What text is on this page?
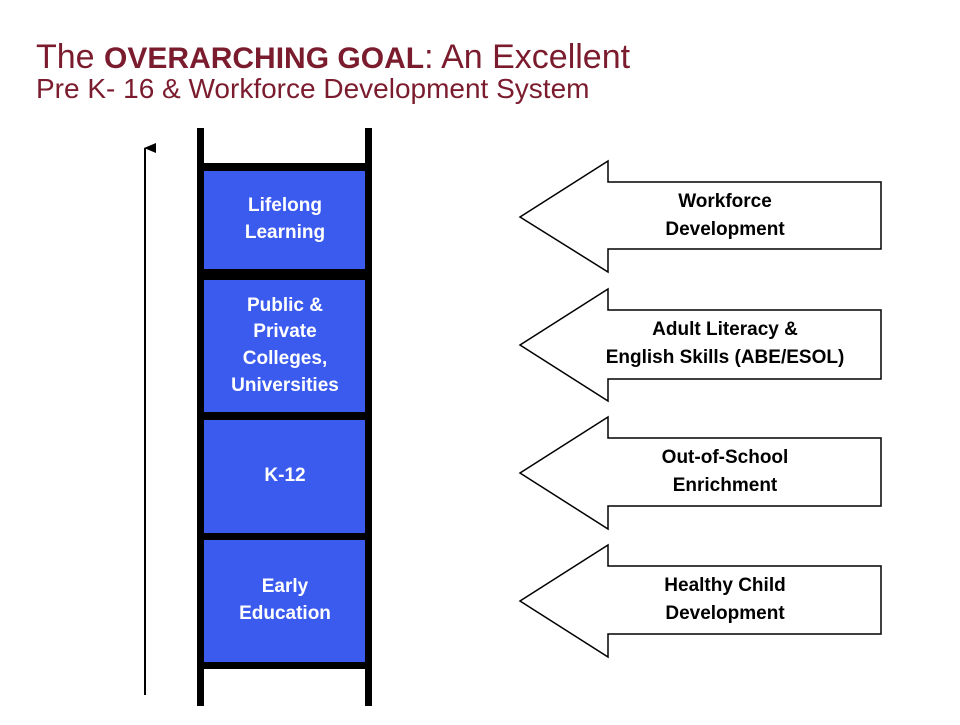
The OVERARCHING GOAL: An Excellent
Pre K- 16 & Workforce Development System
Lifelong
Learning
Public &
Private
Colleges,
Universities
K-12
Early
Education
Workforce
Development
Adult Literacy &
English Skills (ABE/ESOL)
Out-of-School
Enrichment
Healthy Child
Development
